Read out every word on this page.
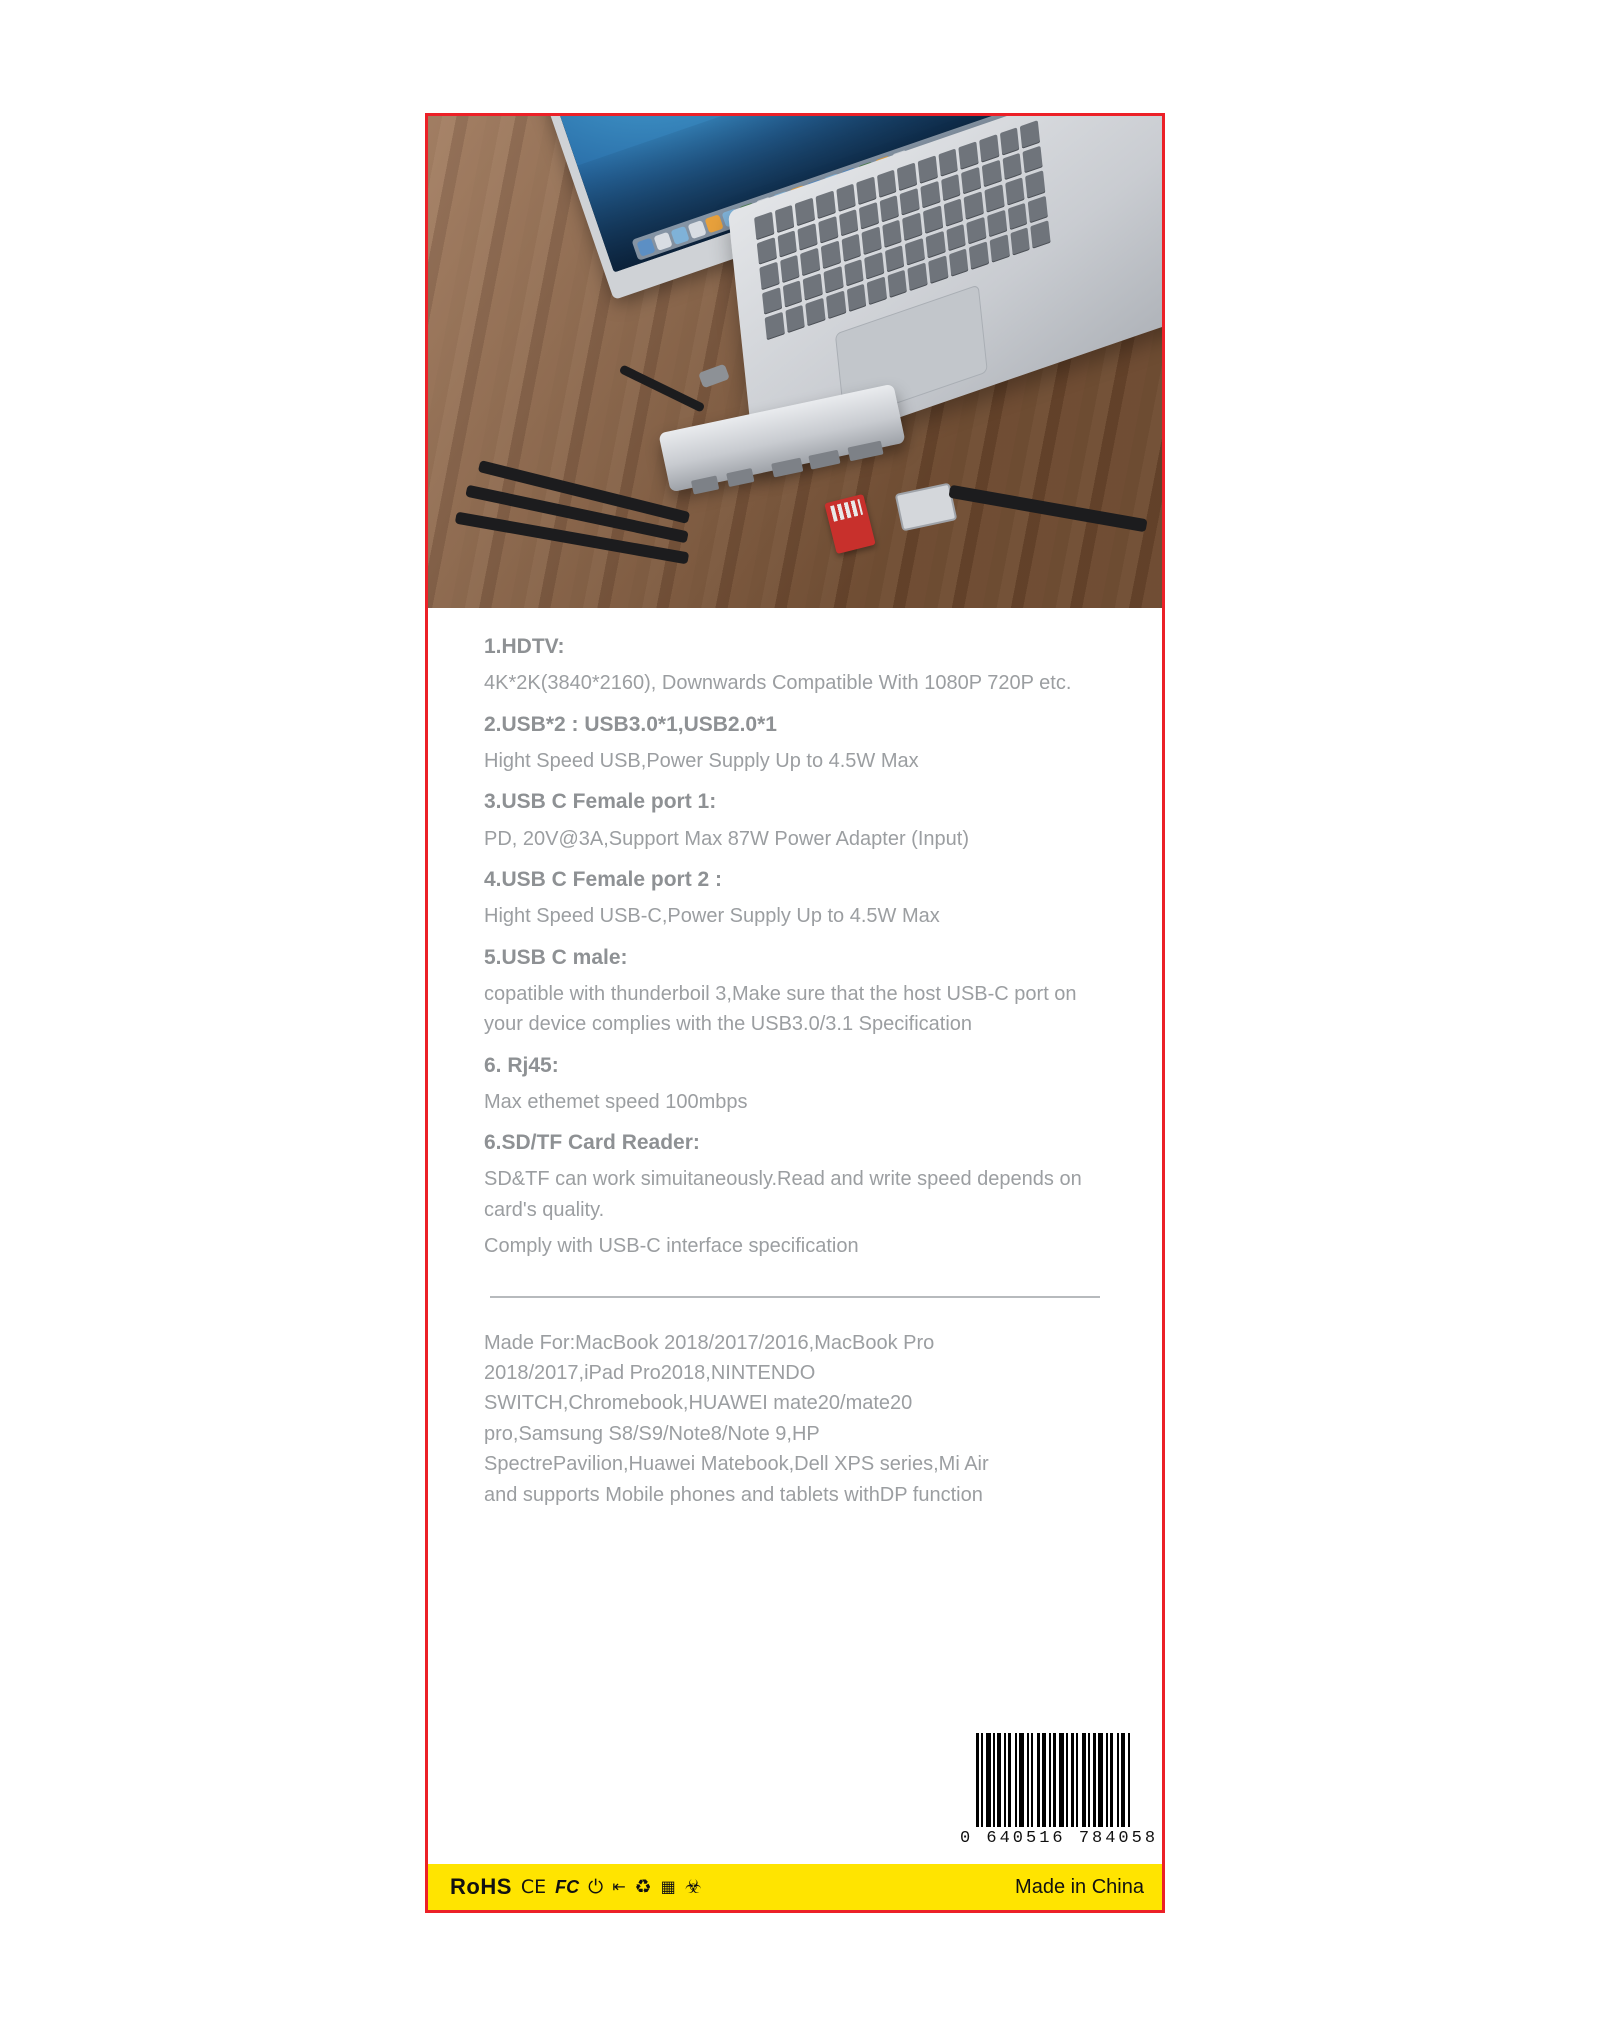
1.HDTV:

4K*2K(3840*2160), Downwards Compatible With 1080P 720P etc.

2.USB*2 : USB3.0*1,USB2.0*1

Hight Speed USB,Power Supply Up to 4.5W Max

3.USB C Female port 1:

PD, 20V@3A,Support Max 87W Power Adapter (Input)

4.USB C Female port 2 :

Hight Speed USB-C,Power Supply Up to 4.5W Max

5.USB C male:

copatible with thunderboil 3,Make sure that the host USB-C port on your device complies with the USB3.0/3.1 Specification

6. Rj45:

Max ethemet speed 100mbps

6.SD/TF Card Reader:

SD&TF can work simuitaneously.Read and write speed depends on card's quality.

Comply with USB-C interface specification

Made For:MacBook 2018/2017/2016,MacBook Pro 2018/2017,iPad Pro2018,NINTENDO SWITCH,Chromebook,HUAWEI mate20/mate20 pro,Samsung S8/S9/Note8/Note 9,HP SpectrePavilion,Huawei Matebook,Dell XPS series,Mi Air and supports Mobile phones and tablets withDP function

0 640516 784058
RoHS CE FC ⏻ ⇤ ♻ ▦ ☣	Made in China
